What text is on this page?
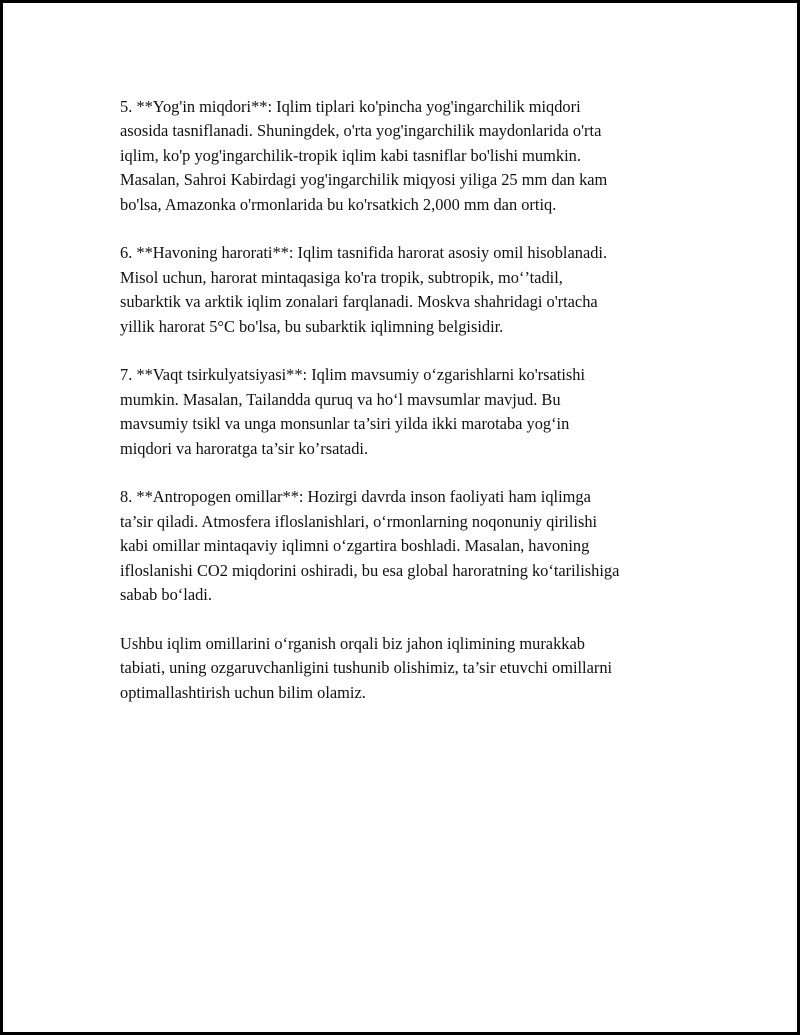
5. **Yog'in miqdori**: Iqlim tiplari ko'pincha yog'ingarchilik miqdori
asosida tasniflanadi. Shuningdek, o'rta yog'ingarchilik maydonlarida o'rta
iqlim, ko'p yog'ingarchilik-tropik iqlim kabi tasniflar bo'lishi mumkin.
Masalan, Sahroi Kabirdagi yog'ingarchilik miqyosi yiliga 25 mm dan kam
bo'lsa, Amazonka o'rmonlarida bu ko'rsatkich 2,000 mm dan ortiq.

6. **Havoning harorati**: Iqlim tasnifida harorat asosiy omil hisoblanadi.
Misol uchun, harorat mintaqasiga ko'ra tropik, subtropik, mo‘’tadil,
subarktik va arktik iqlim zonalari farqlanadi. Moskva shahridagi o'rtacha
yillik harorat 5°C bo'lsa, bu subarktik iqlimning belgisidir.

7. **Vaqt tsirkulyatsiyasi**: Iqlim mavsumiy o‘zgarishlarni ko'rsatishi
mumkin. Masalan, Tailandda quruq va ho‘l mavsumlar mavjud. Bu
mavsumiy tsikl va unga monsunlar ta’siri yilda ikki marotaba yog‘in
miqdori va haroratga ta’sir ko’rsatadi.

8. **Antropogen omillar**: Hozirgi davrda inson faoliyati ham iqlimga
ta’sir qiladi. Atmosfera ifloslanishlari, o‘rmonlarning noqonuniy qirilishi
kabi omillar mintaqaviy iqlimni o‘zgartira boshladi. Masalan, havoning
ifloslanishi CO2 miqdorini oshiradi, bu esa global haroratning ko‘tarilishiga
sabab bo‘ladi.

Ushbu iqlim omillarini o‘rganish orqali biz jahon iqlimining murakkab
tabiati, uning ozgaruvchanligini tushunib olishimiz, ta’sir etuvchi omillarni
optimallashtirish uchun bilim olamiz.
